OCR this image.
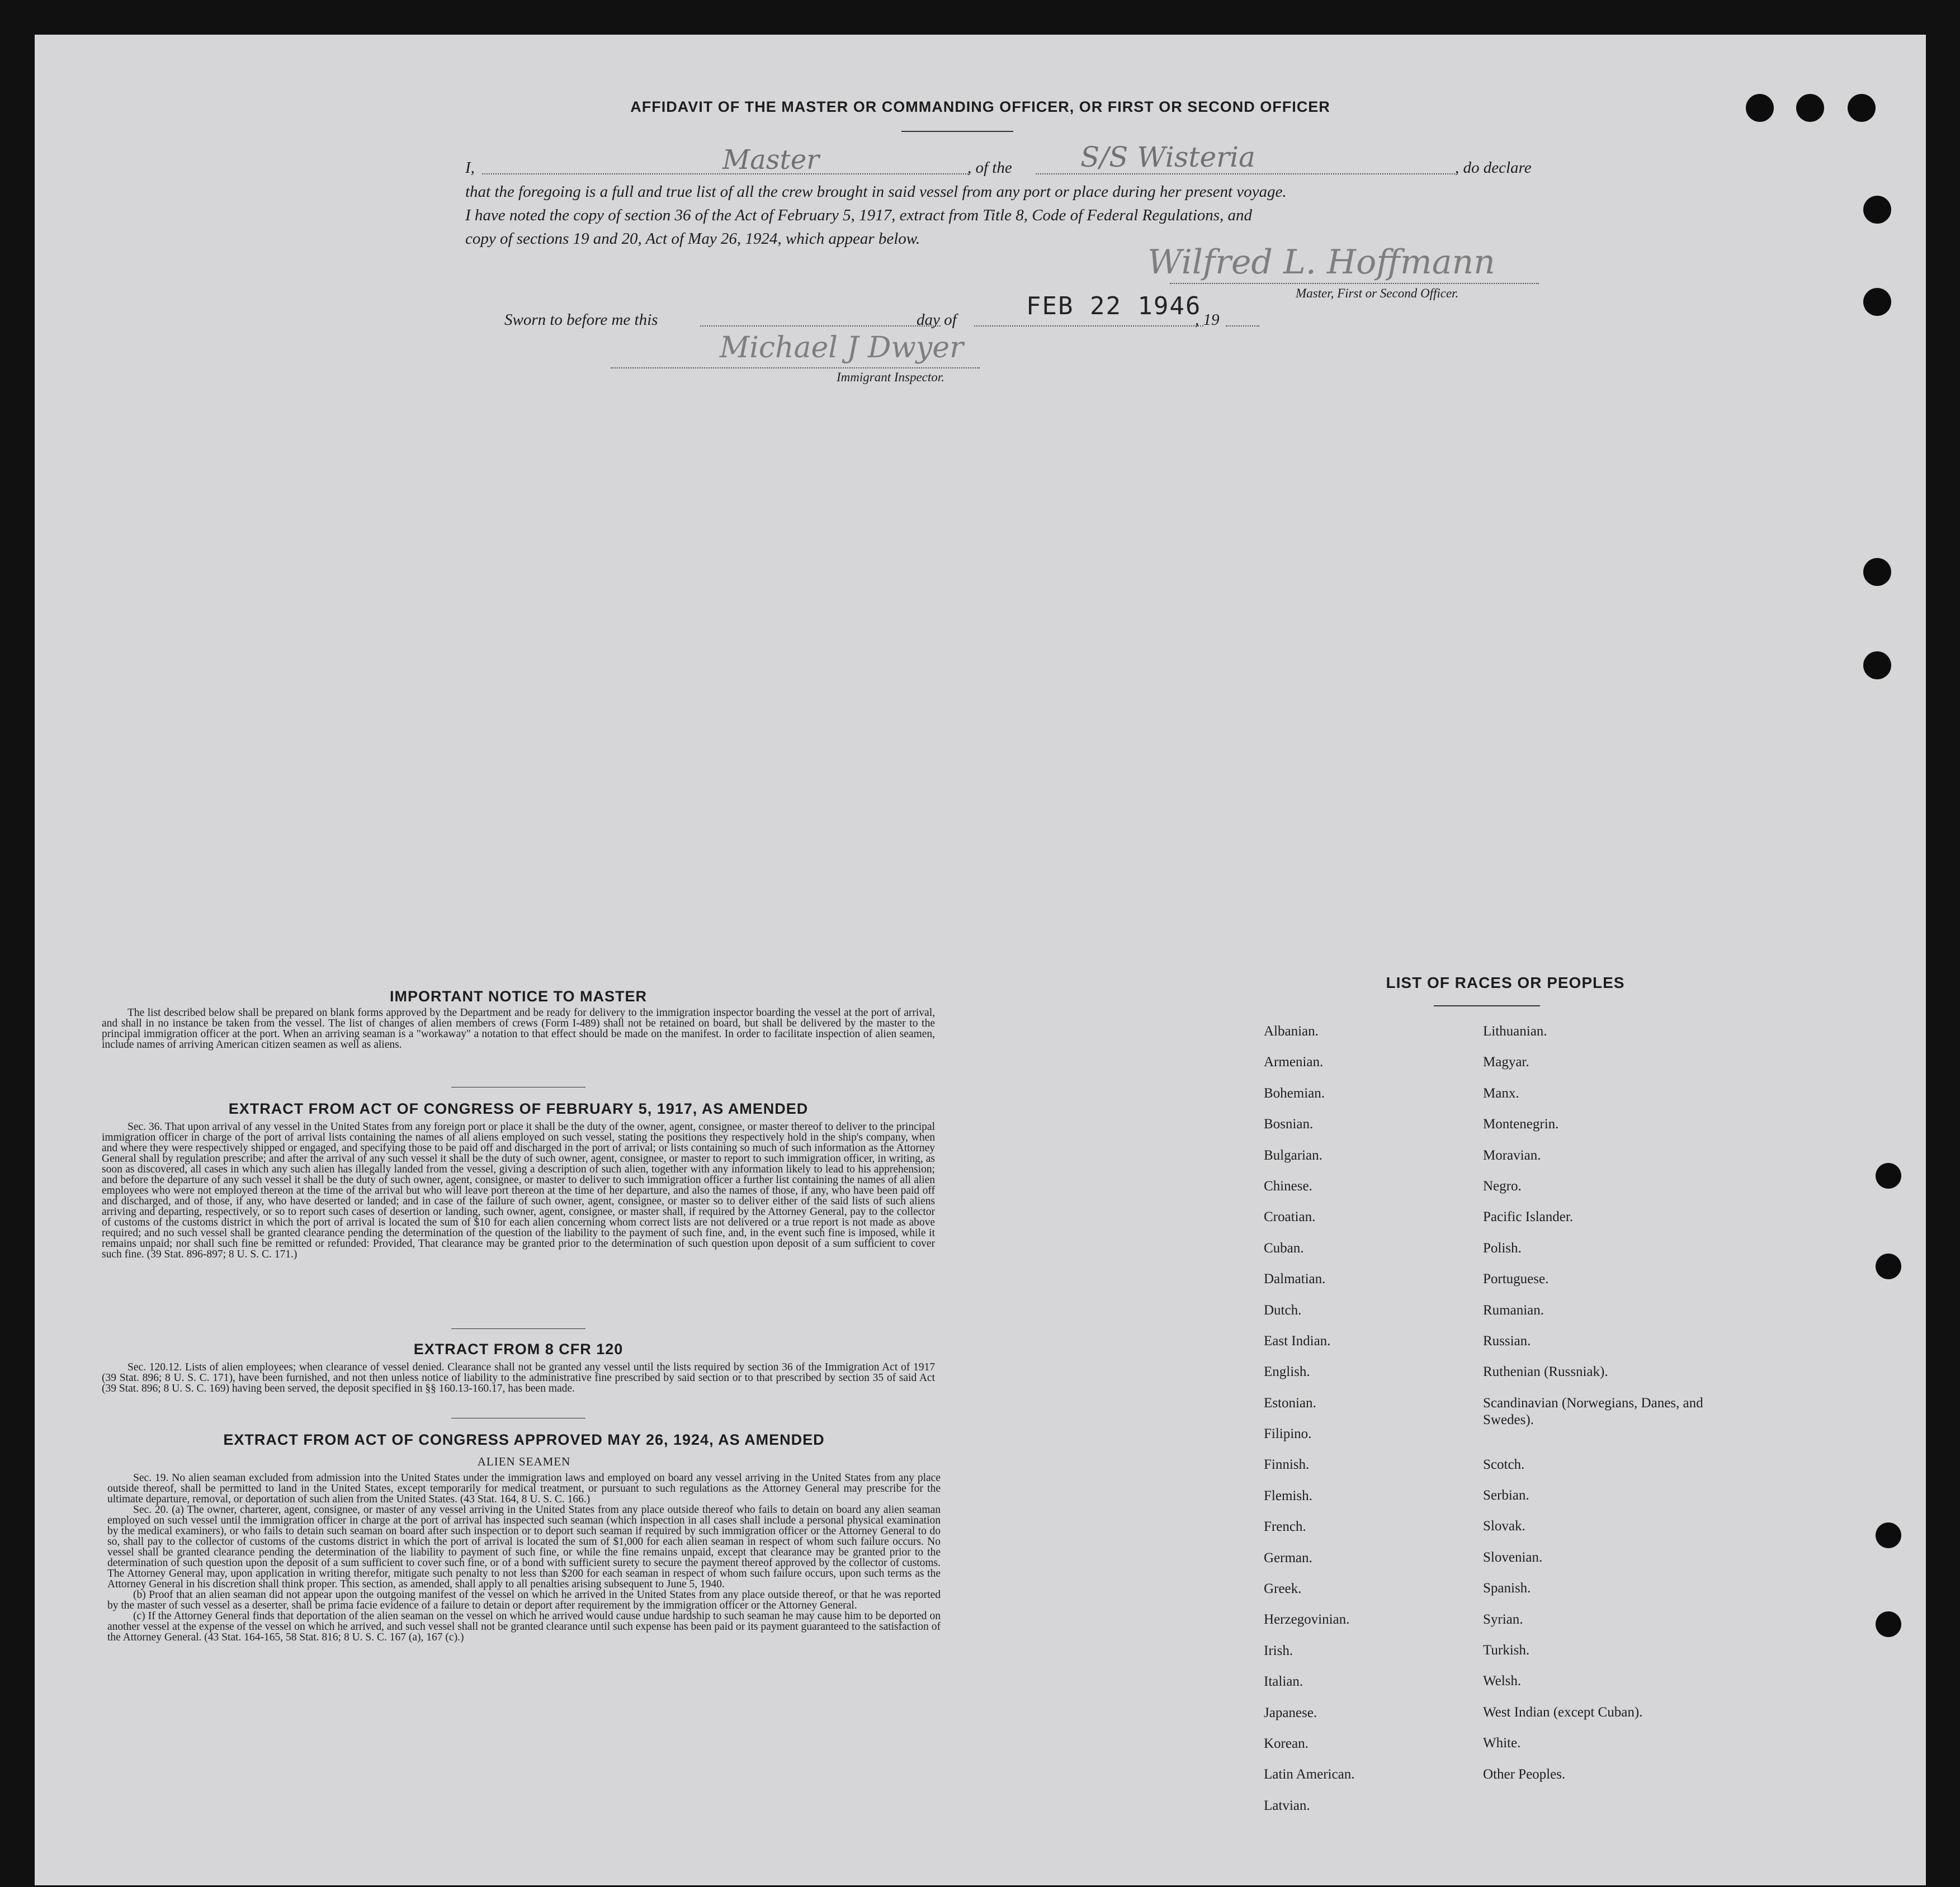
AFFIDAVIT OF THE MASTER OR COMMANDING OFFICER, OR FIRST OR SECOND OFFICER
I,	Master	, of the S/S Wisteria	, do declare
that the foregoing is a full and true list of all the crew brought in said vessel from any port or place during her present voyage.
I have noted the copy of section 36 of the Act of February 5, 1917, extract from Title 8, Code of Federal Regulations, and
copy of sections 19 and 20, Act of May 26, 1924, which appear below.
Wilfred L. Hoffmann
Master, First or Second Officer.
Sworn to before me this	day of	FEB 22 1946
, 19
Michael J Dwyer
Immigrant Inspector.
IMPORTANT NOTICE TO MASTER

The list described below shall be prepared on blank forms approved by the Department and be ready for delivery to the immigration inspector boarding the vessel at the port of arrival, and shall in no instance be taken from the vessel. The list of changes of alien members of crews (Form I-489) shall not be retained on board, but shall be delivered by the master to the principal immigration officer at the port. When an arriving seaman is a "workaway" a notation to that effect should be made on the manifest. In order to facilitate inspection of alien seamen, include names of arriving American citizen seamen as well as aliens.

EXTRACT FROM ACT OF CONGRESS OF FEBRUARY 5, 1917, AS AMENDED

Sec. 36. That upon arrival of any vessel in the United States from any foreign port or place it shall be the duty of the owner, agent, consignee, or master thereof to deliver to the principal immigration officer in charge of the port of arrival lists containing the names of all aliens employed on such vessel, stating the positions they respectively hold in the ship's company, when and where they were respectively shipped or engaged, and specifying those to be paid off and discharged in the port of arrival; or lists containing so much of such information as the Attorney General shall by regulation prescribe; and after the arrival of any such vessel it shall be the duty of such owner, agent, consignee, or master to report to such immigration officer, in writing, as soon as discovered, all cases in which any such alien has illegally landed from the vessel, giving a description of such alien, together with any information likely to lead to his apprehension; and before the departure of any such vessel it shall be the duty of such owner, agent, consignee, or master to deliver to such immigration officer a further list containing the names of all alien employees who were not employed thereon at the time of the arrival but who will leave port thereon at the time of her departure, and also the names of those, if any, who have been paid off and discharged, and of those, if any, who have deserted or landed; and in case of the failure of such owner, agent, consignee, or master so to deliver either of the said lists of such aliens arriving and departing, respectively, or so to report such cases of desertion or landing, such owner, agent, consignee, or master shall, if required by the Attorney General, pay to the collector of customs of the customs district in which the port of arrival is located the sum of $10 for each alien concerning whom correct lists are not delivered or a true report is not made as above required; and no such vessel shall be granted clearance pending the determination of the question of the liability to the payment of such fine, and, in the event such fine is imposed, while it remains unpaid; nor shall such fine be remitted or refunded: Provided, That clearance may be granted prior to the determination of such question upon deposit of a sum sufficient to cover such fine. (39 Stat. 896-897; 8 U. S. C. 171.)

EXTRACT FROM 8 CFR 120

Sec. 120.12. Lists of alien employees; when clearance of vessel denied. Clearance shall not be granted any vessel until the lists required by section 36 of the Immigration Act of 1917 (39 Stat. 896; 8 U. S. C. 171), have been furnished, and not then unless notice of liability to the administrative fine prescribed by said section or to that prescribed by section 35 of said Act (39 Stat. 896; 8 U. S. C. 169) having been served, the deposit specified in §§ 160.13-160.17, has been made.

EXTRACT FROM ACT OF CONGRESS APPROVED MAY 26, 1924, AS AMENDED
ALIEN SEAMEN

Sec. 19. No alien seaman excluded from admission into the United States under the immigration laws and employed on board any vessel arriving in the United States from any place outside thereof, shall be permitted to land in the United States, except temporarily for medical treatment, or pursuant to such regulations as the Attorney General may prescribe for the ultimate departure, removal, or deportation of such alien from the United States. (43 Stat. 164, 8 U. S. C. 166.)

Sec. 20. (a) The owner, charterer, agent, consignee, or master of any vessel arriving in the United States from any place outside thereof who fails to detain on board any alien seaman employed on such vessel until the immigration officer in charge at the port of arrival has inspected such seaman (which inspection in all cases shall include a personal physical examination by the medical examiners), or who fails to detain such seaman on board after such inspection or to deport such seaman if required by such immigration officer or the Attorney General to do so, shall pay to the collector of customs of the customs district in which the port of arrival is located the sum of $1,000 for each alien seaman in respect of whom such failure occurs. No vessel shall be granted clearance pending the determination of the liability to payment of such fine, or while the fine remains unpaid, except that clearance may be granted prior to the determination of such question upon the deposit of a sum sufficient to cover such fine, or of a bond with sufficient surety to secure the payment thereof approved by the collector of customs. The Attorney General may, upon application in writing therefor, mitigate such penalty to not less than $200 for each seaman in respect of whom such failure occurs, upon such terms as the Attorney General in his discretion shall think proper. This section, as amended, shall apply to all penalties arising subsequent to June 5, 1940.

(b) Proof that an alien seaman did not appear upon the outgoing manifest of the vessel on which he arrived in the United States from any place outside thereof, or that he was reported by the master of such vessel as a deserter, shall be prima facie evidence of a failure to detain or deport after requirement by the immigration officer or the Attorney General.

(c) If the Attorney General finds that deportation of the alien seaman on the vessel on which he arrived would cause undue hardship to such seaman he may cause him to be deported on another vessel at the expense of the vessel on which he arrived, and such vessel shall not be granted clearance until such expense has been paid or its payment guaranteed to the satisfaction of the Attorney General. (43 Stat. 164-165, 58 Stat. 816; 8 U. S. C. 167 (a), 167 (c).)

LIST OF RACES OR PEOPLES
Albanian.
Armenian.
Bohemian.
Bosnian.
Bulgarian.
Chinese.
Croatian.
Cuban.
Dalmatian.
Dutch.
East Indian.
English.
Estonian.
Filipino.
Finnish.
Flemish.
French.
German.
Greek.
Herzegovinian.
Irish.
Italian.
Japanese.
Korean.
Latin American.
Latvian.
Lithuanian.
Magyar.
Manx.
Montenegrin.
Moravian.
Negro.
Pacific Islander.
Polish.
Portuguese.
Rumanian.
Russian.
Ruthenian (Russniak).
Scandinavian (Norwegians, Danes, and Swedes).
Scotch.
Serbian.
Slovak.
Slovenian.
Spanish.
Syrian.
Turkish.
Welsh.
West Indian (except Cuban).
White.
Other Peoples.
